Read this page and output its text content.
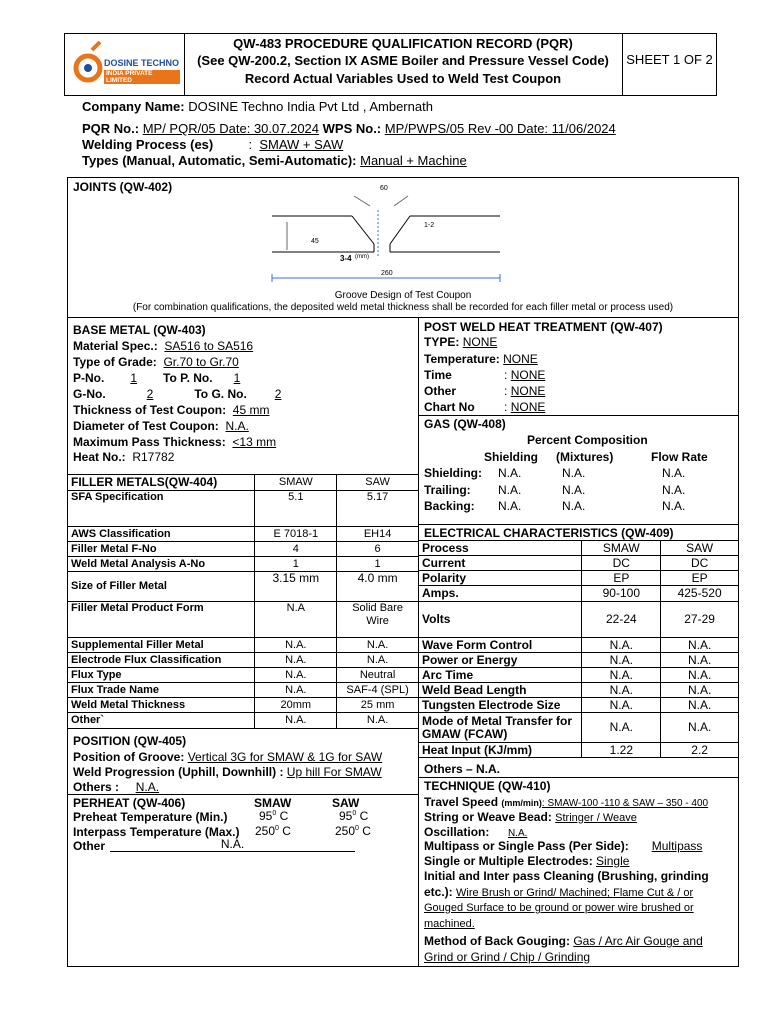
DOSINE TECHNO
INDIA PRIVATE LIMITED
QW-483 PROCEDURE QUALIFICATION RECORD (PQR)
(See QW-200.2, Section IX ASME Boiler and Pressure Vessel Code)
Record Actual Variables Used to Weld Test Coupon
SHEET 1 OF 2
Company Name: DOSINE Techno India Pvt Ltd , Ambernath
PQR No.: MP/ PQR/05 Date: 30.07.2024 WPS No.: MP/PWPS/05 Rev -00 Date: 11/06/2024
Welding Process (es)	: SMAW + SAW
Types (Manual, Automatic, Semi-Automatic): Manual + Machine
JOINTS (QW-402)	60
45
1-2
3-4 (mm)
260
Groove Design of Test Coupon
(For combination qualifications, the deposited weld metal thickness shall be recorded for each filler metal or process used)
BASE METAL (QW-403)
Material Spec.: SA516 to SA516
Type of Grade: Gr.70 to Gr.70
P-No. 1 To P. No. 1
G-No.	2	To G. No. 2
Thickness of Test Coupon: 45 mm
Diameter of Test Coupon: N.A.
Maximum Pass Thickness: <13 mm
Heat No.: R17782
FILLER METALS(QW-404)	SMAW	SAW
SFA Specification	5.1	5.17
AWS Classification	E 7018-1	EH14
Filler Metal F-No	4	6
Weld Metal Analysis A-No	1	1
Size of Filler Metal	3.15 mm	4.0 mm
Filler Metal Product Form	N.A	Solid Bare Wire
Supplemental Filler Metal	N.A.	N.A.
Electrode Flux Classification	N.A.	N.A.
Flux Type	N.A.	Neutral
Flux Trade Name	N.A.	SAF-4 (SPL)
Weld Metal Thickness	20mm	25 mm
Other`	N.A.	N.A.
POSITION (QW-405)
Position of Groove: Vertical 3G for SMAW & 1G for SAW
Weld Progression (Uphill, Downhill) : Up hill For SMAW
Others : N.A.
PERHEAT (QW-406)	SMAW	SAW
Preheat Temperature (Min.)	$95^0$ C	$95^0$ C
Interpass Temperature (Max.) $250^0$ C	$250^0$ C
Other	N.A.
POST WELD HEAT TREATMENT (QW-407)
TYPE: NONE
Temperature: NONE
Time	: NONE
Other	: NONE
Chart No : NONE
GAS (QW-408)
Percent Composition
Shielding (Mixtures)	Flow Rate
Shielding: N.A.	N.A.	N.A.
Trailing: N.A.	N.A.	N.A.
Backing: N.A.	N.A.	N.A.
ELECTRICAL CHARACTERISTICS (QW-409)
Process	SMAW	SAW
Current	DC	DC
Polarity	EP	EP
Amps.	90-100	425-520
Volts	22-24	27-29
Wave Form Control	N.A.	N.A.
Power or Energy	N.A.	N.A.
Arc Time	N.A.	N.A.
Weld Bead Length	N.A.	N.A.
Tungsten Electrode Size	N.A.	N.A.
Mode of Metal Transfer for GMAW (FCAW)	N.A.	N.A.
Heat Input (KJ/mm)	1.22	2.2
Others – N.A.
TECHNIQUE (QW-410)
Travel Speed (mm/min): SMAW-100 -110 & SAW – 350 - 400
String or Weave Bead: Stringer / Weave
Oscillation: N.A.
Multipass or Single Pass (Per Side): Multipass
Single or Multiple Electrodes: Single
Initial and Inter pass Cleaning (Brushing, grinding
etc.): Wire Brush or Grind/ Machined; Flame Cut & / or
Gouged Surface to be ground or power wire brushed or
machined.
Method of Back Gouging: Gas / Arc Air Gouge and
Grind or Grind / Chip / Grinding
